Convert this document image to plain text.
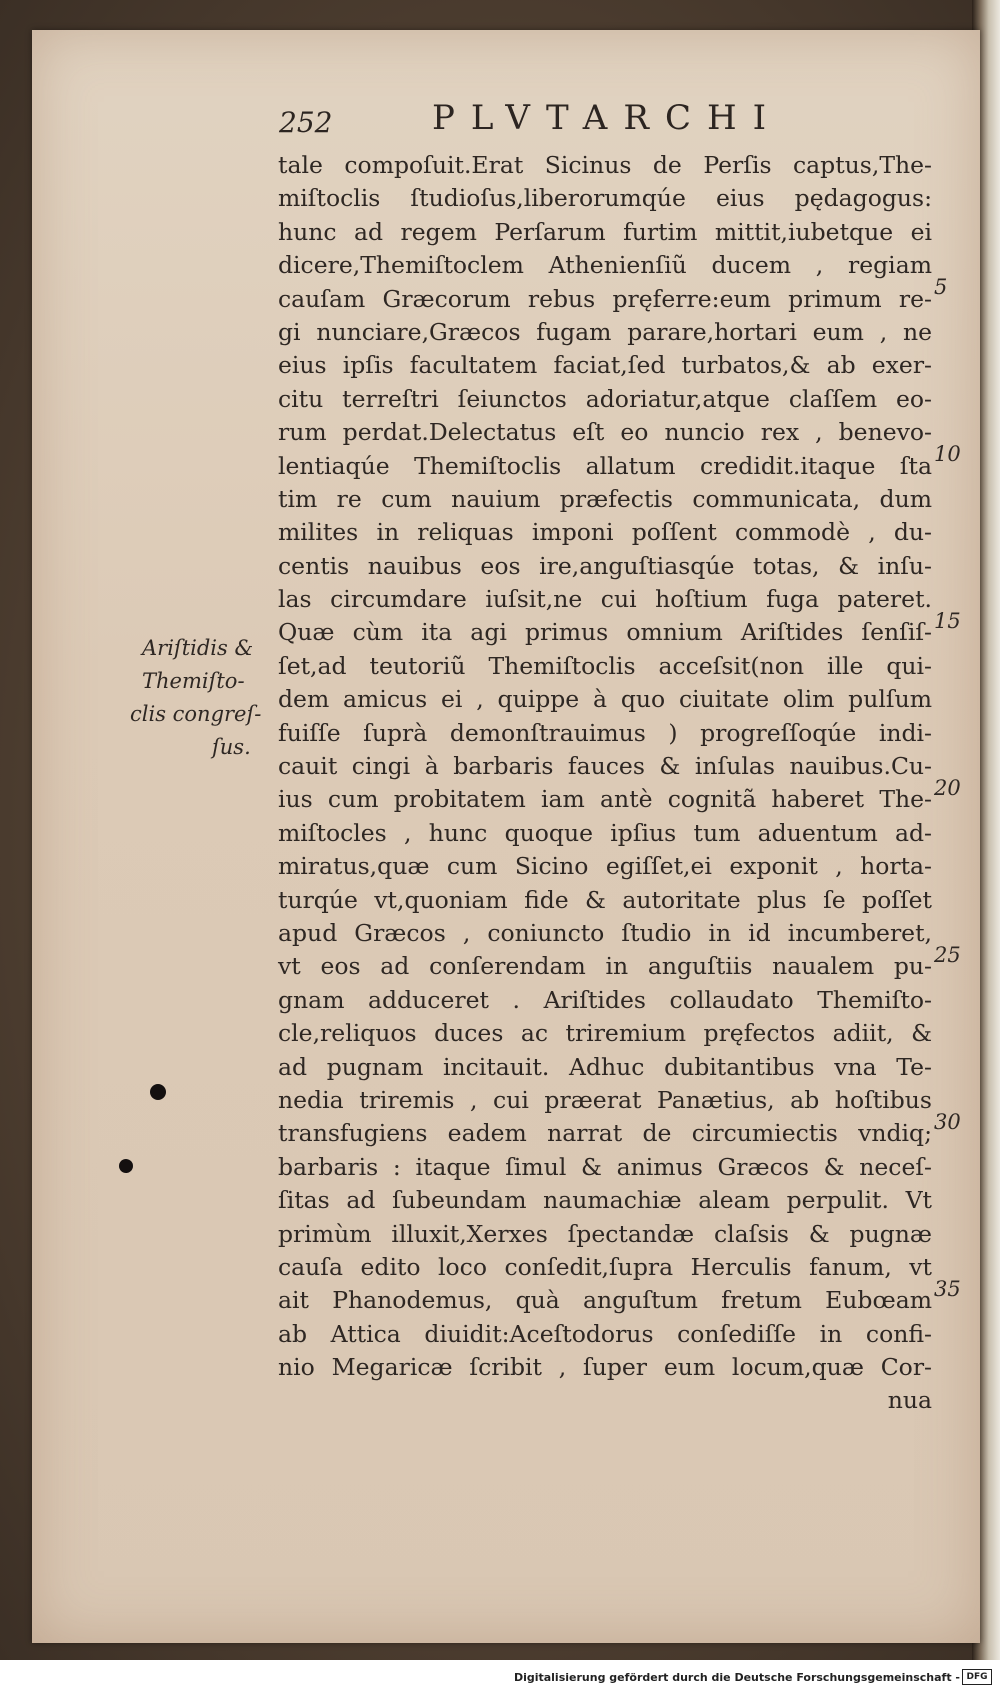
252	PLVTARCHI
tale compoſuit.Erat Sicinus de Perſis captus,The-
miſtoclis ſtudioſus,liberorumqúe eius pędagogus:
hunc ad regem Perſarum furtim mittit,iubetque ei
dicere,Themiſtoclem Athenienſiũ ducem , regiam
cauſam Græcorum rebus pręferre:eum primum re-
gi nunciare,Græcos fugam parare,hortari eum , ne
eius ipſis facultatem faciat,ſed turbatos,& ab exer-
citu terreſtri ſeiunctos adoriatur,atque claſſem eo-
rum perdat.Delectatus eſt eo nuncio rex , benevo-
lentiaqúe Themiſtoclis allatum credidit.itaque ſta
tim re cum nauium præfectis communicata, dum
milites in reliquas imponi poſſent commodè , du-
centis nauibus eos ire,anguſtiasqúe totas, & inſu-
las circumdare iuſsit,ne cui hoſtium fuga pateret.
Quæ cùm ita agi primus omnium Ariſtides ſenſiſ-
ſet,ad teutoriũ Themiſtoclis acceſsit(non ille qui-
dem amicus ei , quippe à quo ciuitate olim pulſum
fuiſſe ſuprà demonſtrauimus ) progreſſoqúe indi-
cauit cingi à barbaris fauces & inſulas nauibus.Cu-
ius cum probitatem iam antè cognitã haberet The-
miſtocles , hunc quoque ipſius tum aduentum ad-
miratus,quæ cum Sicino egiſſet,ei exponit , horta-
turqúe vt,quoniam fide & autoritate plus ſe poſſet
apud Græcos , coniuncto ſtudio in id incumberet,
vt eos ad conſerendam in anguſtiis naualem pu-
gnam adduceret . Ariſtides collaudato Themiſto-
cle,reliquos duces ac triremium pręfectos adiit, &
ad pugnam incitauit. Adhuc dubitantibus vna Te-
nedia triremis , cui præerat Panætius, ab hoſtibus
transfugiens eadem narrat de circumiectis vndiq;
barbaris : itaque ſimul & animus Græcos & neceſ-
ſitas ad ſubeundam naumachiæ aleam perpulit. Vt
primùm illuxit,Xerxes ſpectandæ claſsis & pugnæ
cauſa edito loco conſedit,ſupra Herculis fanum, vt
ait Phanodemus, quà anguſtum fretum Eubœam
ab Attica diuidit:Aceſtodorus conſediſſe in confi-
nio Megaricæ ſcribit , ſuper eum locum,quæ Cor-
nua
5
10
15
20
25
30
35
Ariſtidis &
Themiſto-
clis congreſ-
ſus.
Digitalisierung gefördert durch die Deutsche Forschungsgemeinschaft - DFG
